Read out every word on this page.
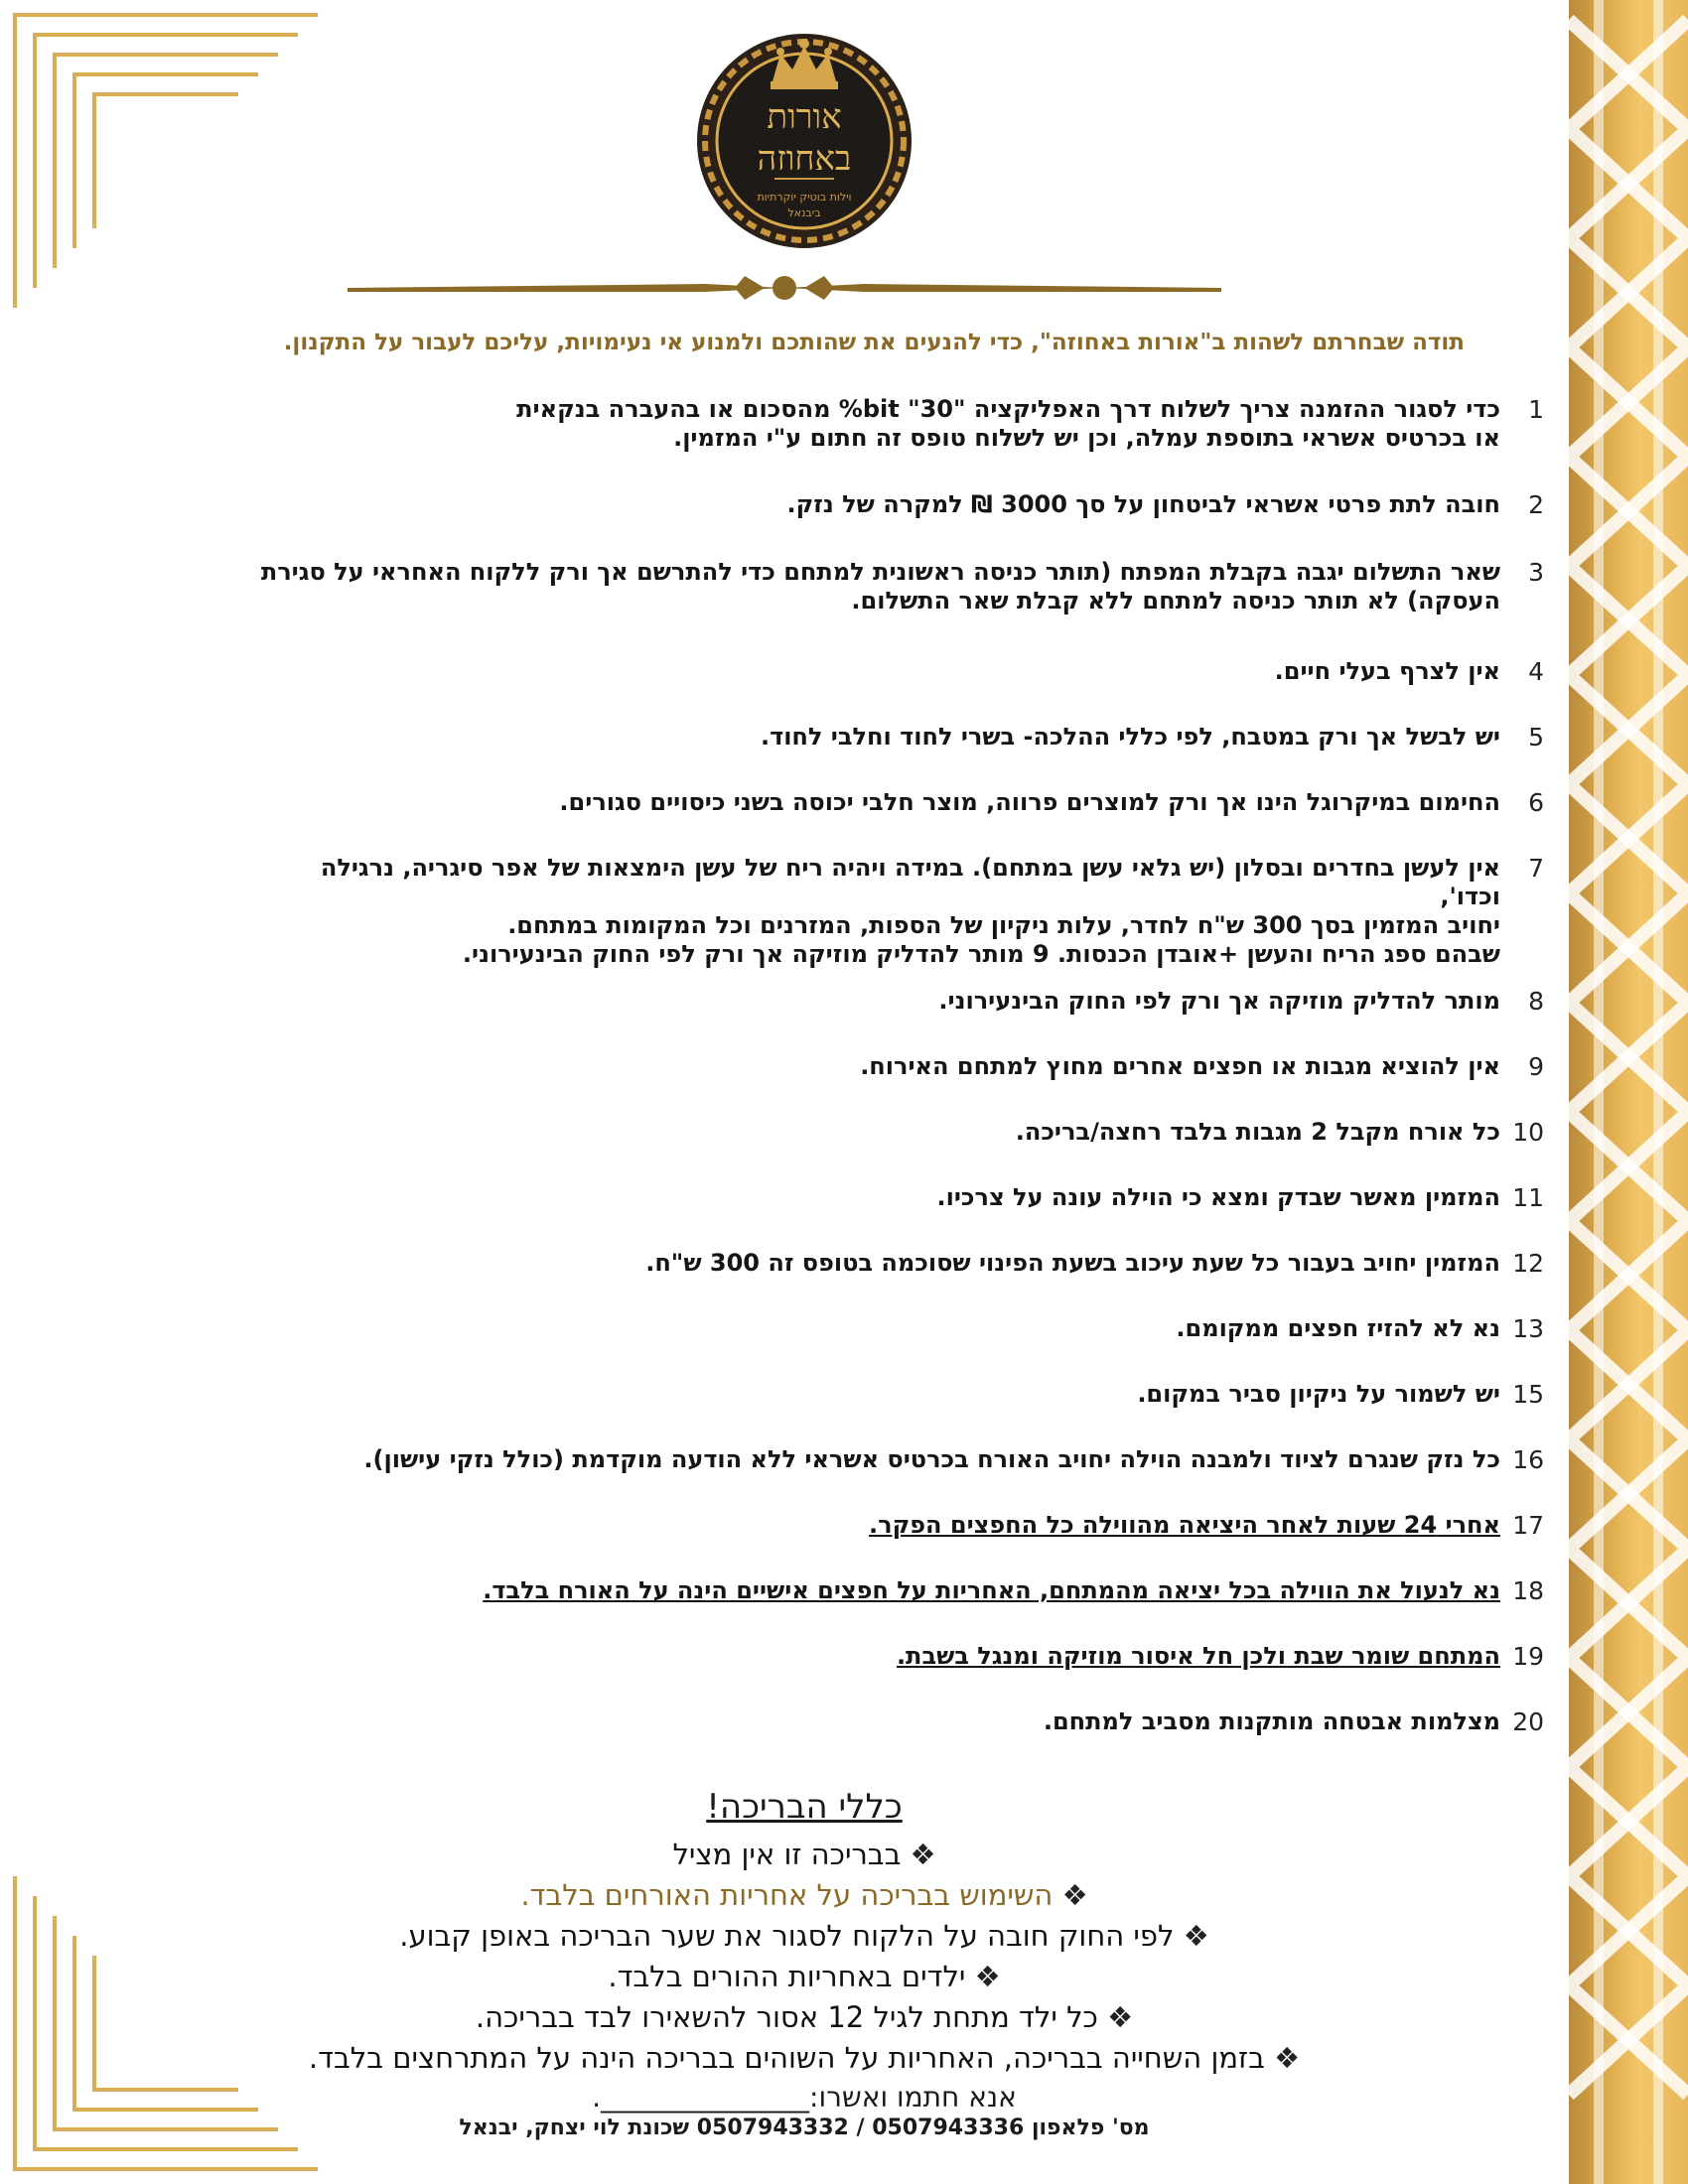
אורות
באחוזה
וילות בוטיק יוקרתיות
ביבנאל
תודה שבחרתם לשהות ב"אורות באחוזה", כדי להנעים את שהותכם ולמנוע אי נעימויות, עליכם לעבור על התקנון.
1
כדי לסגור ההזמנה צריך לשלוח דרך האפליקציה "30" bit% מהסכום או בהעברה בנקאית
או בכרטיס אשראי בתוספת עמלה, וכן יש לשלוח טופס זה חתום ע"י המזמין.
2
חובה לתת פרטי אשראי לביטחון על סך 3000 ₪ למקרה של נזק.
3
שאר התשלום יגבה בקבלת המפתח (תותר כניסה ראשונית למתחם כדי להתרשם אך ורק ללקוח האחראי על סגירת
העסקה) לא תותר כניסה למתחם ללא קבלת שאר התשלום.
4
אין לצרף בעלי חיים.
5
יש לבשל אך ורק במטבח, לפי כללי ההלכה- בשרי לחוד וחלבי לחוד.
6
החימום במיקרוגל הינו אך ורק למוצרים פרווה, מוצר חלבי יכוסה בשני כיסויים סגורים.
7
אין לעשן בחדרים ובסלון (יש גלאי עשן במתחם). במידה ויהיה ריח של עשן הימצאות של אפר סיגריה, נרגילה וכדו',
יחויב המזמין בסך 300 ש"ח לחדר, עלות ניקיון של הספות, המזרנים וכל המקומות במתחם.
שבהם ספג הריח והעשן +אובדן הכנסות. 9 מותר להדליק מוזיקה אך ורק לפי החוק הבינעירוני.
8
מותר להדליק מוזיקה אך ורק לפי החוק הבינעירוני.
9
אין להוציא מגבות או חפצים אחרים מחוץ למתחם האירוח.
10
כל אורח מקבל 2 מגבות בלבד רחצה/בריכה.
11
המזמין מאשר שבדק ומצא כי הוילה עונה על צרכיו.
12
המזמין יחויב בעבור כל שעת עיכוב בשעת הפינוי שסוכמה בטופס זה 300 ש"ח.
13
נא לא להזיז חפצים ממקומם.
15
יש לשמור על ניקיון סביר במקום.
16
כל נזק שנגרם לציוד ולמבנה הוילה יחויב האורח בכרטיס אשראי ללא הודעה מוקדמת (כולל נזקי עישון).
17
אחרי 24 שעות לאחר היציאה מהווילה כל החפצים הפקר.
18
נא לנעול את הווילה בכל יציאה מהמתחם, האחריות על חפצים אישיים הינה על האורח בלבד.
19
המתחם שומר שבת ולכן חל איסור מוזיקה ומנגל בשבת.
20
מצלמות אבטחה מותקנות מסביב למתחם.
כללי הבריכה!
❖ בבריכה זו אין מציל
❖ השימוש בבריכה על אחריות האורחים בלבד.
❖ לפי החוק חובה על הלקוח לסגור את שער הבריכה באופן קבוע.
❖ ילדים באחריות ההורים בלבד.
❖ כל ילד מתחת לגיל 12 אסור להשאירו לבד בבריכה.
❖ בזמן השחייה בבריכה, האחריות על השוהים בבריכה הינה על המתרחצים בלבד.
אנא חתמו ואשרו:_______________.
מס' פלאפון 0507943336 / 0507943332 שכונת לוי יצחק, יבנאל
